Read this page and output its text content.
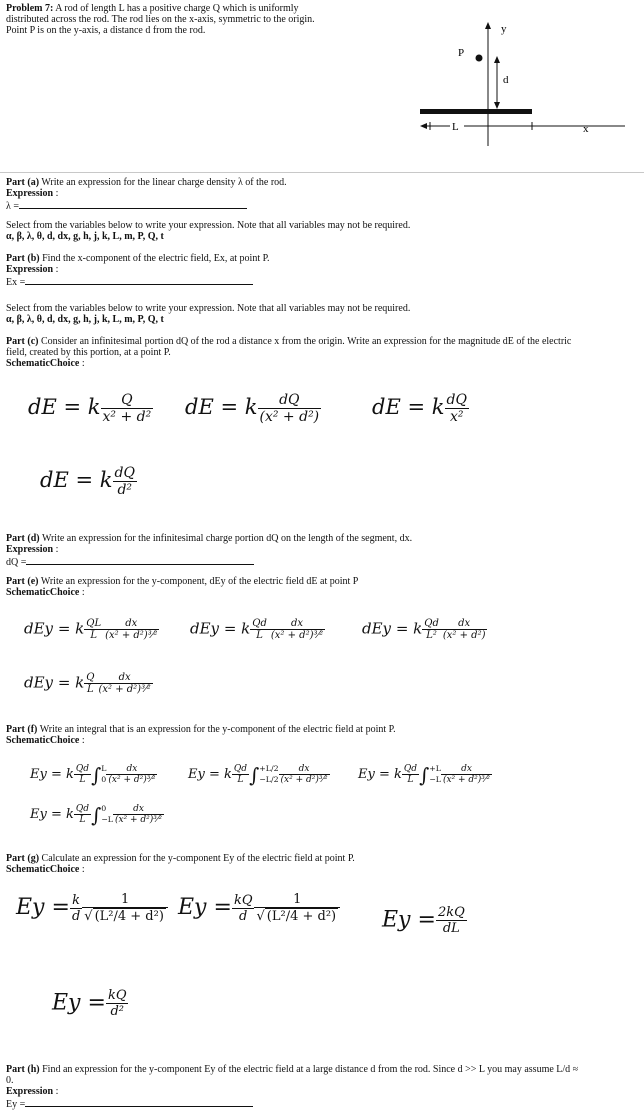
Problem 7: A rod of length L has a positive charge Q which is uniformly
distributed across the rod. The rod lies on the x-axis, symmetric to the origin.
Point P is on the y-axis, a distance d from the rod.
L
P
y
d
x
Part (a) Write an expression for the linear charge density λ of the rod.
Expression :
λ =
Select from the variables below to write your expression. Note that all variables may not be required.
α, β, λ, θ, d, dx, g, h, j, k, L, m, P, Q, t
Part (b) Find the x-component of the electric field, Ex, at point P.
Expression :
Ex =
Select from the variables below to write your expression. Note that all variables may not be required.
α, β, λ, θ, d, dx, g, h, j, k, L, m, P, Q, t
Part (c) Consider an infinitesimal portion dQ of the rod a distance x from the origin. Write an expression for the magnitude dE of the electric
field, created by this portion, at a point P.
SchematicChoice :
dE = k $\frac{Q}{\text{x² + d²}}$ dE = k $\frac{dQ}{\text{(x² + d²)}}$ dE = k $\frac{dQ}{\text{x²}}$
dE = k $\frac{dQ}{\text{d²}}$
Part (d) Write an expression for the infinitesimal charge portion dQ on the length of the segment, dx.
Expression :
dQ =
Part (e) Write an expression for the y-component, dEy of the electric field dE at point P
SchematicChoice :
dEy = k $\frac{QL}{L} \frac{dx}{\text{(x² + d²)³⁄²}}$ dEy = k $\frac{Qd}{L} \frac{dx}{\text{(x² + d²)³⁄²}}$ dEy = k $\frac{Qd}{\text{L²}} \frac{dx}{\text{(x² + d²)}}$
dEy = k $\frac{Q}{L} \frac{dx}{\text{(x² + d²)³⁄²}}$
Part (f) Write an integral that is an expression for the y-component of the electric field at point P.
SchematicChoice :
Ey = k $\frac{Qd}{L}$ ∫ L
$0 \frac{dx}{\text{(x² + d²)³⁄²}}$ Ey = k $\frac{Qd}{L}$ ∫ +L/2
$-L/2 \frac{dx}{\text{(x² + d²)³⁄²}}$ Ey = k $\frac{Qd}{L}$ ∫ +L
$-L \frac{dx}{\text{(x² + d²)³⁄²}}$
Ey = k $\frac{Qd}{L}$ ∫ 0
$-L \frac{dx}{\text{(x² + d²)³⁄²}}$
Part (g) Calculate an expression for the y-component Ey of the electric field at point P.
SchematicChoice :
$Ey = \frac{k}{d} \frac{1}{\text{√ (L²/4 + d²)}}$ $Ey = \frac{kQ}{d} \frac{1}{\text{√ (L²/4 + d²)}}$ $Ey = \frac{2kQ}{dL}$
$Ey = \frac{kQ}{\text{d²}}$
Part (h) Find an expression for the y-component Ey of the electric field at a large distance d from the rod. Since d >> L you may assume L/d ≈
0.
Expression :
Ey =
